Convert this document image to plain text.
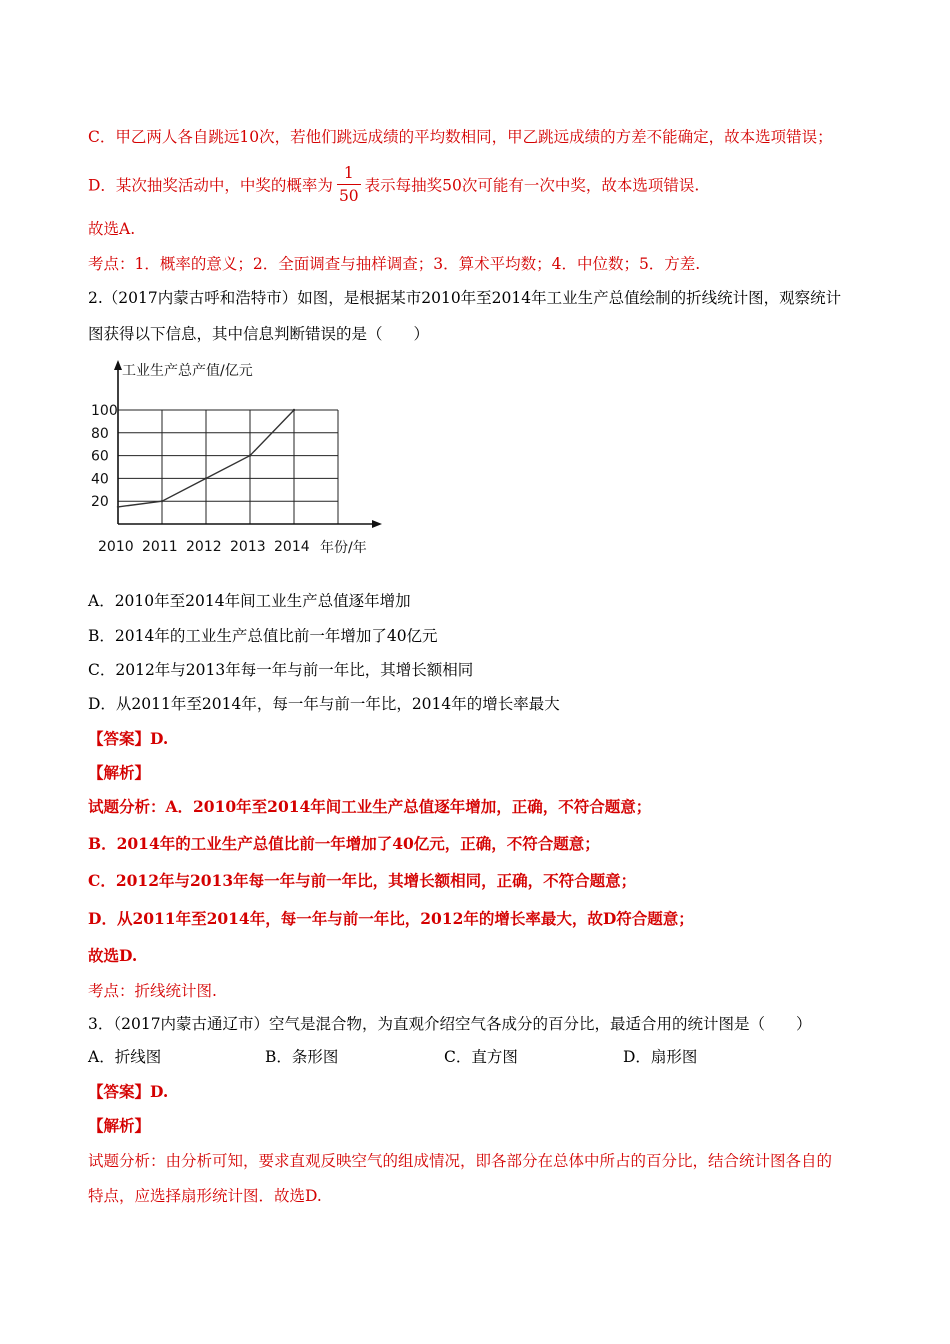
C．甲乙两人各自跳远10次，若他们跳远成绩的平均数相同，甲乙跳远成绩的方差不能确定，故本选项错误；
D．某次抽奖活动中，中奖的概率为 $\frac{1}{50}$ 表示每抽奖50次可能有一次中奖，故本选项错误.
故选A.
考点：1．概率的意义；2．全面调查与抽样调查；3．算术平均数；4．中位数；5．方差.
2.（2017内蒙古呼和浩特市）如图，是根据某市2010年至2014年工业生产总值绘制的折线统计图，观察统计
图获得以下信息，其中信息判断错误的是（　　）
20
40
60
80
100
工业生产总产值/亿元
年份/年
2010 2011 2012 2013 2014
A．2010年至2014年间工业生产总值逐年增加
B．2014年的工业生产总值比前一年增加了40亿元
C．2012年与2013年每一年与前一年比，其增长额相同
D．从2011年至2014年，每一年与前一年比，2014年的增长率最大
【答案】D.
【解析】
试题分析：A．2010年至2014年间工业生产总值逐年增加，正确，不符合题意；
B．2014年的工业生产总值比前一年增加了40亿元，正确，不符合题意；
C．2012年与2013年每一年与前一年比，其增长额相同，正确，不符合题意；
D．从2011年至2014年，每一年与前一年比，2012年的增长率最大，故D符合题意；
故选D.
考点：折线统计图.
3．（2017内蒙古通辽市）空气是混合物，为直观介绍空气各成分的百分比，最适合用的统计图是（　　）
A．折线图	B．条形图	C．直方图	D．扇形图
【答案】D.
【解析】
试题分析：由分析可知，要求直观反映空气的组成情况，即各部分在总体中所占的百分比，结合统计图各自的
特点，应选择扇形统计图．故选D.
